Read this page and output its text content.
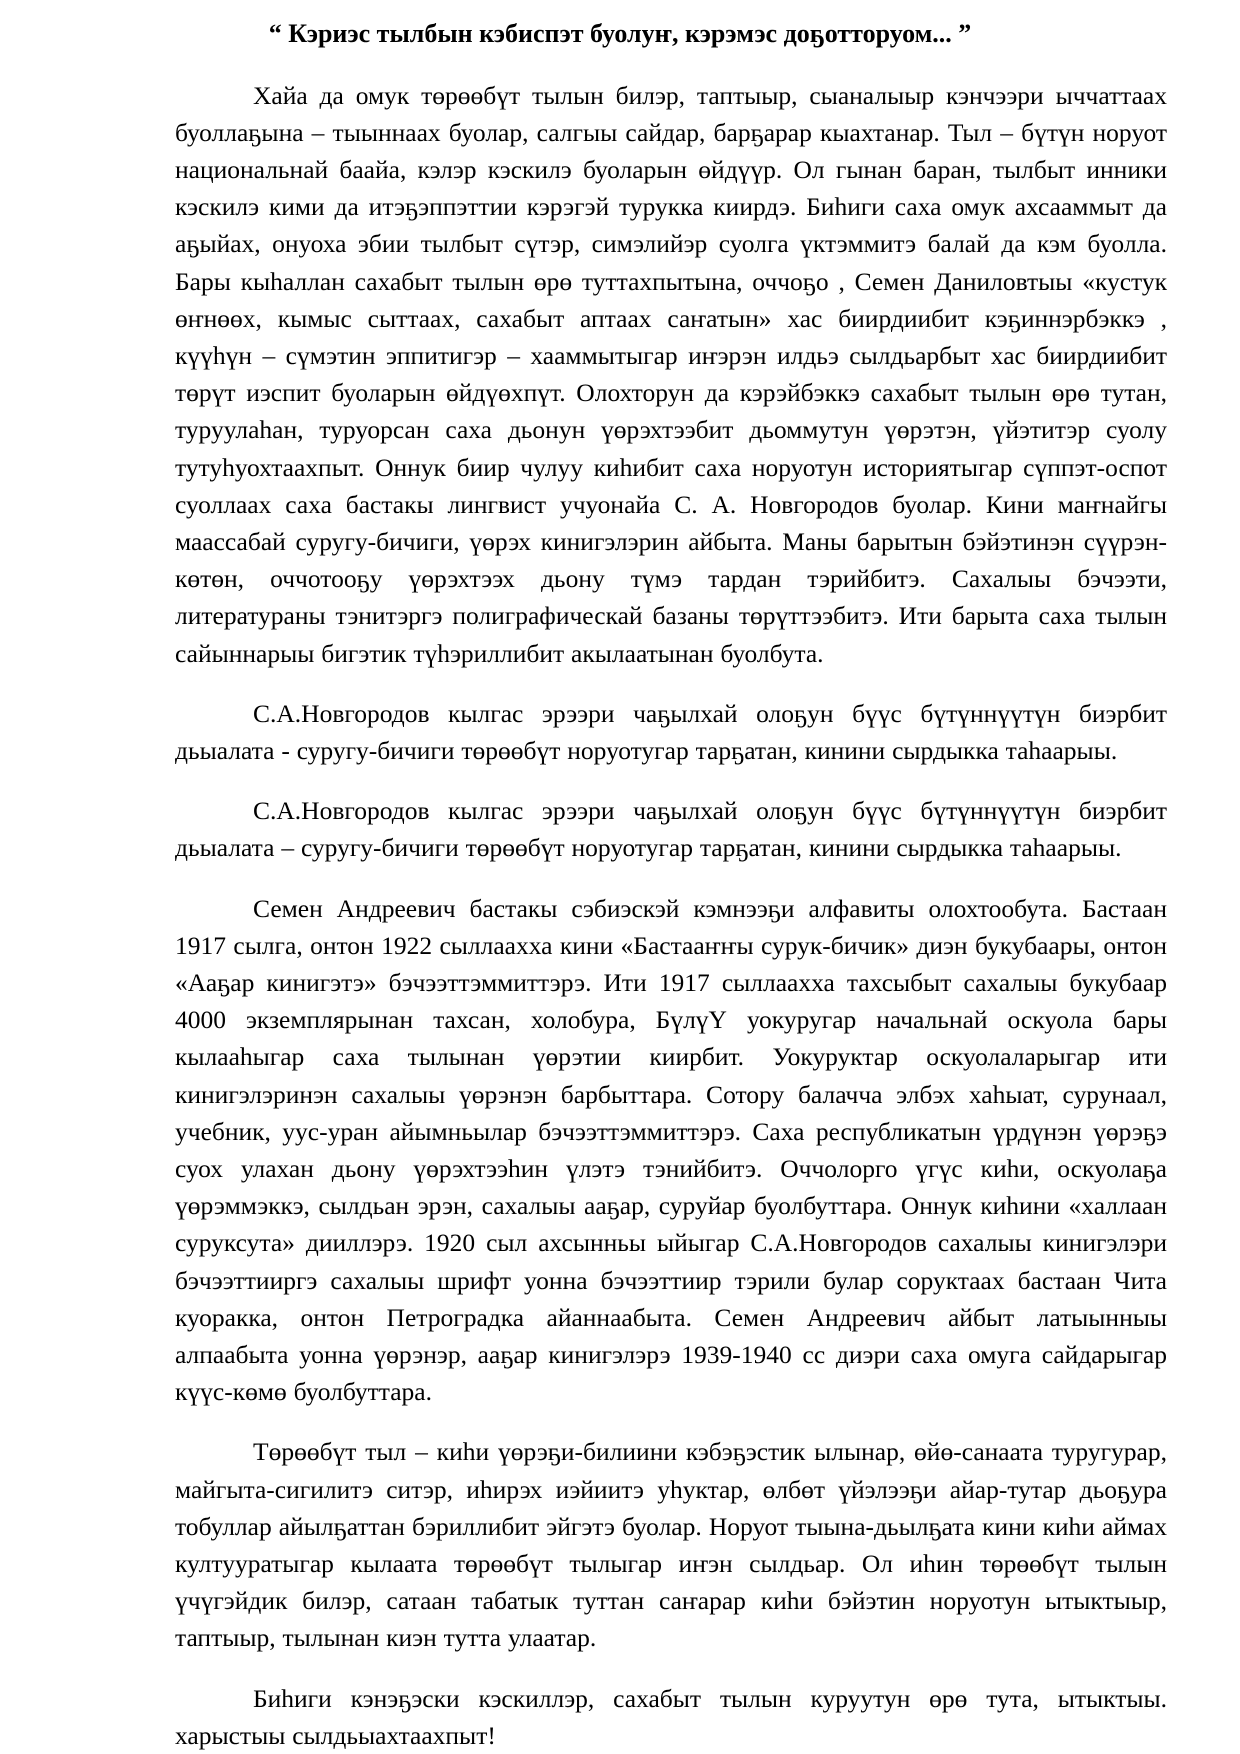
“ Кэриэс тылбын кэбиспэт буолуҥ, кэрэмэс доҕотторуом... ”

Хайа да омук төрөөбүт тылын билэр, таптыыр, сыаналыыр кэнчээри ыччаттаах буоллаҕына – тыыннаах буолар, салгыы сайдар, барҕарар кыахтанар. Тыл – бүтүн норуот национальнай баайа, кэлэр кэскилэ буоларын өйдүүр. Ол гынан баран, тылбыт инники кэскилэ кими да итэҕэппэттии кэрэгэй турукка киирдэ. Биһиги саха омук ахсааммыт да аҕыйах, онуоха эбии тылбыт сүтэр, симэлийэр суолга үктэммитэ балай да кэм буолла. Бары кыһаллан сахабыт тылын өрө туттахпытына, оччоҕо , Семен Даниловтыы «кустук өҥнөөх, кымыс сыттаах, сахабыт аптаах саҥатын» хас биирдиибит кэҕиннэрбэккэ , күүһүн – сүмэтин эппитигэр – хааммытыгар иҥэрэн илдьэ сылдьарбыт хас биирдиибит төрүт иэспит буоларын өйдүөхпүт. Олохторун да кэрэйбэккэ сахабыт тылын өрө тутан, туруулаһан, туруорсан саха дьонун үөрэхтээбит дьоммутун үөрэтэн, үйэтитэр суолу тутуһуохтаахпыт. Оннук биир чулуу киһибит саха норуотун историятыгар сүппэт-оспот суоллаах саха бастакы лингвист учуонайа С. А. Новгородов буолар. Кини маҥнайгы маассабай суругу-бичиги, үөрэх кинигэлэрин айбыта. Маны барытын бэйэтинэн сүүрэн-көтөн, оччотооҕу үөрэхтээх дьону түмэ тардан тэрийбитэ. Сахалыы бэчээти, литератураны тэнитэргэ полиграфическай базаны төрүттээбитэ. Ити барыта саха тылын сайыннарыы бигэтик түһэриллибит акылаатынан буолбута.

С.А.Новгородов кылгас эрээри чаҕылхай олоҕун бүүс бүтүннүүтүн биэрбит дьыалата - суругу-бичиги төрөөбүт норуотугар тарҕатан, кинини сырдыкка таһаарыы.

С.А.Новгородов кылгас эрээри чаҕылхай олоҕун бүүс бүтүннүүтүн биэрбит дьыалата – суругу-бичиги төрөөбүт норуотугар тарҕатан, кинини сырдыкка таһаарыы.

Семен Андреевич бастакы сэбиэскэй кэмнээҕи алфавиты олохтообута. Бастаан 1917 сылга, онтон 1922 сыллаахха кини «Бастааҥҥы сурук-бичик» диэн букубаары, онтон «Ааҕар кинигэтэ» бэчээттэммиттэрэ. Ити 1917 сыллаахха тахсыбыт сахалыы букубаар 4000 экземплярынан тахсан, холобура, БүлүҮ уокуругар начальнай оскуола бары кылааһыгар саха тылынан үөрэтии киирбит. Уокуруктар оскуолаларыгар ити кинигэлэринэн сахалыы үөрэнэн барбыттара. Сотору балачча элбэх хаһыат, сурунаал, учебник, уус-уран айымньылар бэчээттэммиттэрэ. Саха республикатын үрдүнэн үөрэҕэ суох улахан дьону үөрэхтээһин үлэтэ тэнийбитэ. Оччолорго үгүс киһи, оскуолаҕа үөрэммэккэ, сылдьан эрэн, сахалыы ааҕар, суруйар буолбуттара. Оннук киһини «халлаан суруксута» дииллэрэ. 1920 сыл ахсынньы ыйыгар С.А.Новгородов сахалыы кинигэлэри бэчээттииргэ сахалыы шрифт уонна бэчээттиир тэрили булар соруктаах бастаан Чита куоракка, онтон Петроградка айаннаабыта. Семен Андреевич айбыт латыынныы алпаабыта уонна үөрэнэр, ааҕар кинигэлэрэ 1939-1940 сс диэри саха омуга сайдарыгар күүс-көмө буолбуттара.

Төрөөбүт тыл – киһи үөрэҕи-билиини кэбэҕэстик ылынар, өйө-санаата туругурар, майгыта-сигилитэ ситэр, иһирэх иэйиитэ уһуктар, өлбөт үйэлээҕи айар-тутар дьоҕура тобуллар айылҕаттан бэриллибит эйгэтэ буолар. Норуот тыына-дьылҕата кини киһи аймах култууратыгар кылаата төрөөбүт тылыгар иҥэн сылдьар. Ол иһин төрөөбүт тылын үчүгэйдик билэр, сатаан табатык туттан саҥарар киһи бэйэтин норуотун ытыктыыр, таптыыр, тылынан киэн тутта улаатар.

Биһиги кэнэҕэски кэскиллэр, сахабыт тылын куруутун өрө тута, ытыктыы. харыстыы сылдьыахтаахпыт!
